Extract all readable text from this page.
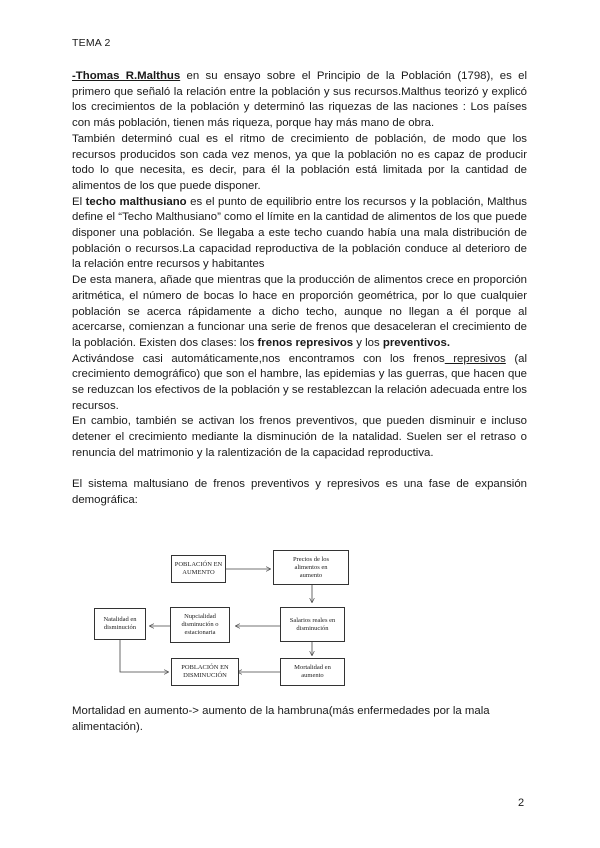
TEMA 2

-Thomas R.Malthus en su ensayo sobre el Principio de la Población (1798), es el primero que señaló la relación entre la población y sus recursos.Malthus teorizó y explicó los crecimientos de la población y determinó las riquezas de las naciones : Los países con más población, tienen más riqueza, porque hay más mano de obra.

También determinó cual es el ritmo de crecimiento de población, de modo que los recursos producidos son cada vez menos, ya que la población no es capaz de producir todo lo que necesita, es decir, para él la población está limitada por la cantidad de alimentos de los que puede disponer.

El techo malthusiano es el punto de equilibrio entre los recursos y la población, Malthus define el “Techo Malthusiano” como el límite en la cantidad de alimentos de los que puede disponer una población. Se llegaba a este techo cuando había una mala distribución de población o recursos.La capacidad reproductiva de la población conduce al deterioro de la relación entre recursos y habitantes

De esta manera, añade que mientras que la producción de alimentos crece en proporción aritmética, el número de bocas lo hace en proporción geométrica, por lo que cualquier población se acerca rápidamente a dicho techo, aunque no llegan a él porque al acercarse, comienzan a funcionar una serie de frenos que desaceleran el crecimiento de la población. Existen dos clases: los frenos represivos y los preventivos.

Activándose casi automáticamente,nos encontramos con los frenos represivos (al crecimiento demográfico) que son el hambre, las epidemias y las guerras, que hacen que se reduzcan los efectivos de la población y se restablezcan la relación adecuada entre los recursos.

En cambio, también se activan los frenos preventivos, que pueden disminuir e incluso detener el crecimiento mediante la disminución de la natalidad. Suelen ser el retraso o renuncia del matrimonio y la ralentización de la capacidad reproductiva.

El sistema maltusiano de frenos preventivos y represivos es una fase de expansión demográfica:

POBLACIÓN EN
AUMENTO
Precios de los
alimentos en
aumento
Salarios reales en
disminución
Nupcialidad
disminución o
estacionaria
Natalidad en
disminución
POBLACIÓN EN
DISMINUCIÓN
Mortalidad en
aumento
Mortalidad en aumento-> aumento de la hambruna(más enfermedades por la mala alimentación).
2
